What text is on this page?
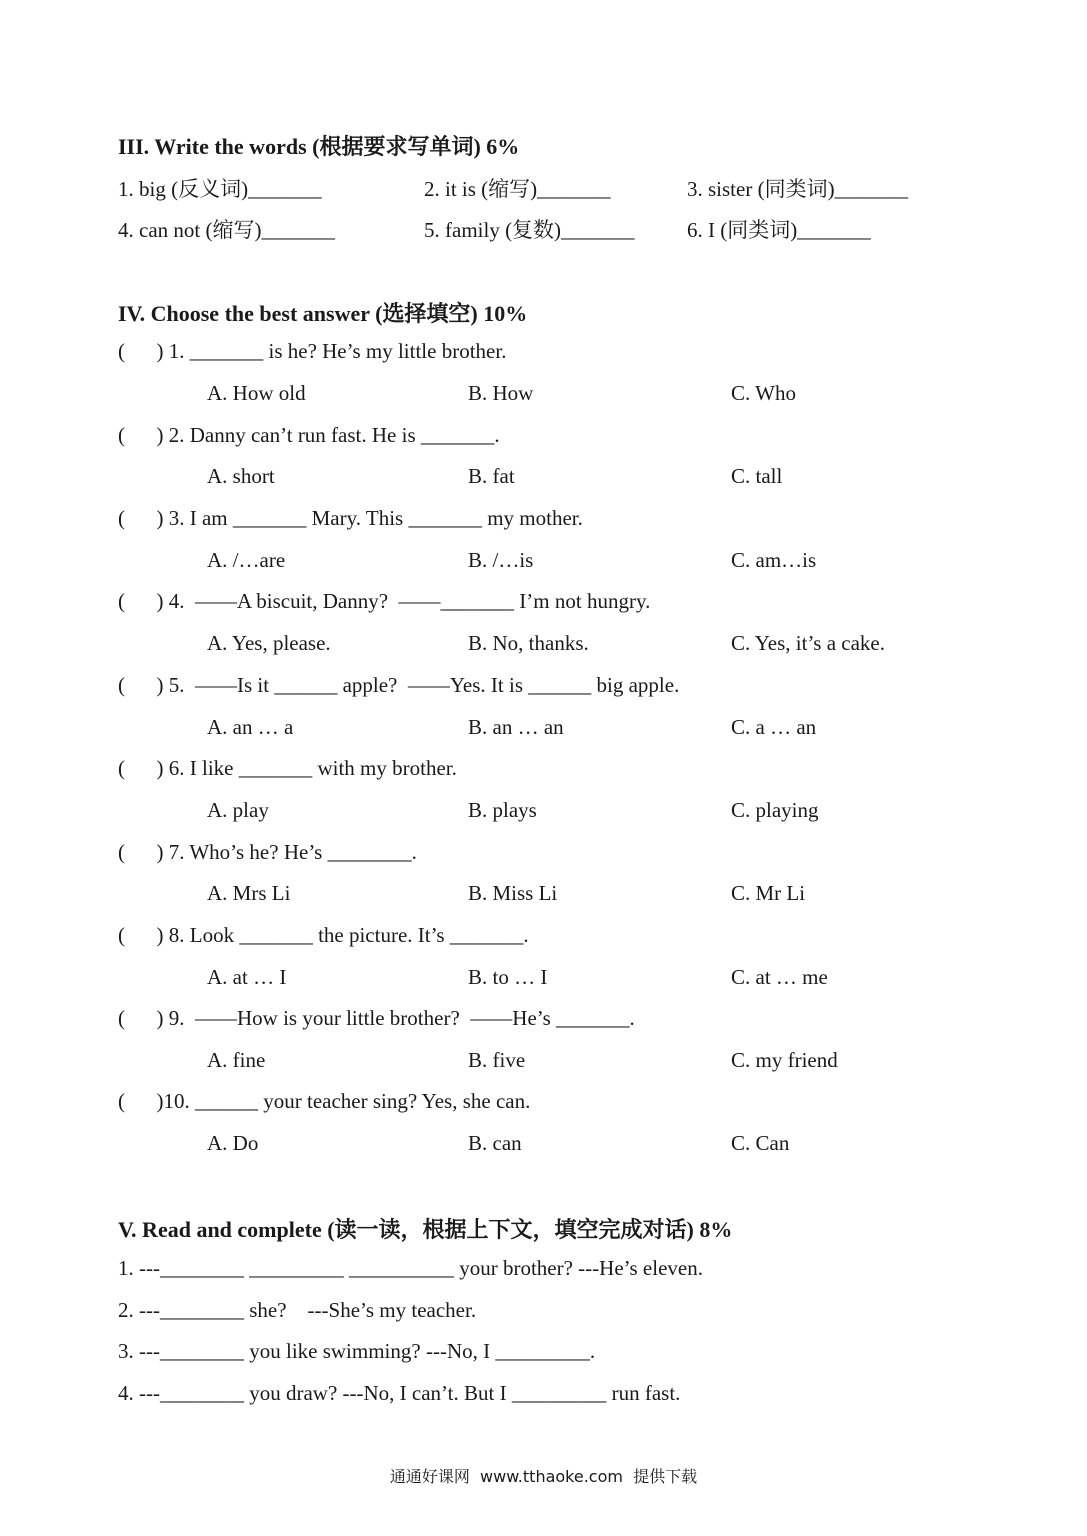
III. Write the words (根据要求写单词) 6%
1. big (反义词)_______	2. it is (缩写)_______	3. sister (同类词)_______
4. can not (缩写)_______	5. family (复数)_______ 6. I (同类词)_______
IV. Choose the best answer (选择填空) 10%
(      ) 1. _______ is he? He’s my little brother.
A. How old	B. How	C. Who
(      ) 2. Danny can’t run fast. He is _______.
A. short	B. fat	C. tall
(      ) 3. I am _______ Mary. This _______ my mother.
A. /…are	B. /…is	C. am…is
(      ) 4.  ——A biscuit, Danny?  ——_______ I’m not hungry.
A. Yes, please.	B. No, thanks.	C. Yes, it’s a cake.
(      ) 5.  ——Is it ______ apple?  ——Yes. It is ______ big apple.
A. an … a	B. an … an	C. a … an
(      ) 6. I like _______ with my brother.
A. play	B. plays	C. playing
(      ) 7. Who’s he? He’s ________.
A. Mrs Li	B. Miss Li	C. Mr Li
(      ) 8. Look _______ the picture. It’s _______.
A. at … I	B. to … I	C. at … me
(      ) 9.  ——How is your little brother?  ——He’s _______.
A. fine	B. five	C. my friend
(      )10. ______ your teacher sing? Yes, she can.
A. Do	B. can	C. Can
V. Read and complete (读一读，根据上下文，填空完成对话) 8%
1. ---________ _________ __________ your brother? ---He’s eleven.
2. ---________ she?    ---She’s my teacher.
3. ---________ you like swimming? ---No, I _________.
4. ---________ you draw? ---No, I can’t. But I _________ run fast.
通通好课网  www.tthaoke.com  提供下载
